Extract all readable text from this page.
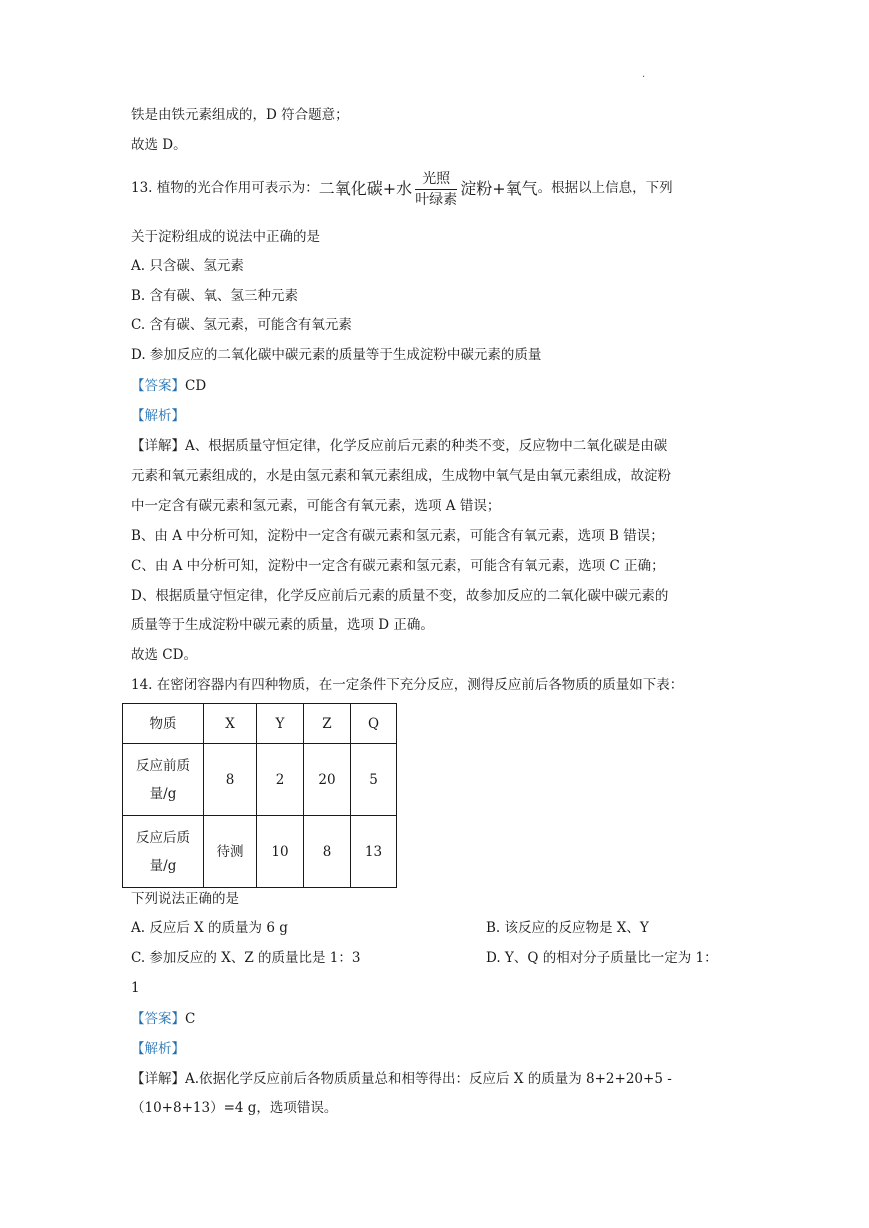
·
铁是由铁元素组成的，D 符合题意；
故选 D。
13. 植物的光合作用可表示为：二氧化碳+水 光照
叶绿素
淀粉+氧气。根据以上信息，下列
关于淀粉组成的说法中正确的是
A. 只含碳、氢元素
B. 含有碳、氧、氢三种元素
C. 含有碳、氢元素，可能含有氧元素
D. 参加反应的二氧化碳中碳元素的质量等于生成淀粉中碳元素的质量
【答案】CD
【解析】
【详解】A、根据质量守恒定律，化学反应前后元素的种类不变，反应物中二氧化碳是由碳
元素和氧元素组成的，水是由氢元素和氧元素组成，生成物中氧气是由氧元素组成，故淀粉
中一定含有碳元素和氢元素，可能含有氧元素，选项 A 错误；
B、由 A 中分析可知，淀粉中一定含有碳元素和氢元素，可能含有氧元素，选项 B 错误；
C、由 A 中分析可知，淀粉中一定含有碳元素和氢元素，可能含有氧元素，选项 C 正确；
D、根据质量守恒定律，化学反应前后元素的质量不变，故参加反应的二氧化碳中碳元素的
质量等于生成淀粉中碳元素的质量，选项 D 正确。
故选 CD。
14. 在密闭容器内有四种物质，在一定条件下充分反应，测得反应前后各物质的质量如下表：
物质	X	Y	Z	Q
反应前质
量/g	8	2	20	5
反应后质
量/g	待测	10	8	13
下列说法正确的是
A. 反应后 X 的质量为 6 g	B. 该反应的反应物是 X、Y
C. 参加反应的 X、Z 的质量比是 1：3	D. Y、Q 的相对分子质量比一定为 1：
1
【答案】C
【解析】
【详解】A.依据化学反应前后各物质质量总和相等得出：反应后 X 的质量为 8+2+20+5 -
（10+8+13）=4 g，选项错误。
